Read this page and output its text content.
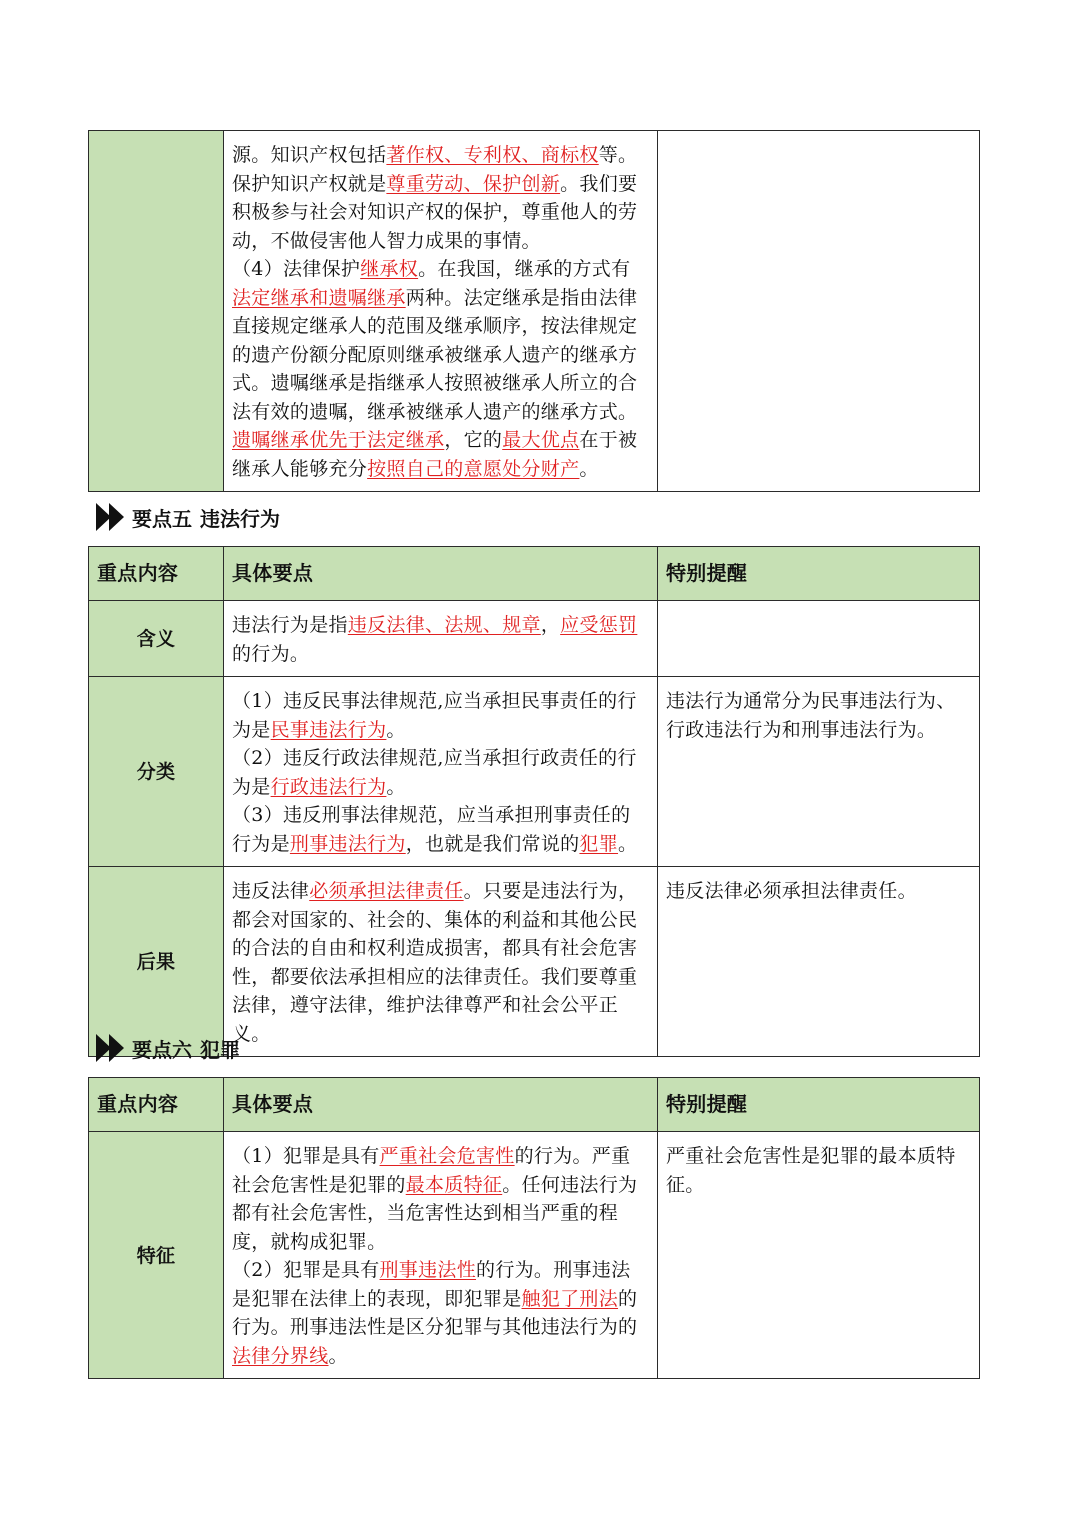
	源。知识产权包括著作权、专利权、商标权等。保护知识产权就是尊重劳动、保护创新。我们要积极参与社会对知识产权的保护，尊重他人的劳动，不做侵害他人智力成果的事情。
（4）法律保护继承权。在我国，继承的方式有法定继承和遗嘱继承两种。法定继承是指由法律直接规定继承人的范围及继承顺序，按法律规定的遗产份额分配原则继承被继承人遗产的继承方式。遗嘱继承是指继承人按照被继承人所立的合法有效的遗嘱，继承被继承人遗产的继承方式。
遗嘱继承优先于法定继承，它的最大优点在于被继承人能够充分按照自己的意愿处分财产。	
要点五 违法行为
重点内容	具体要点	特别提醒
含义	违法行为是指违反法律、法规、规章，应受惩罚的行为。	
分类	（1）违反民事法律规范,应当承担民事责任的行为是民事违法行为。
（2）违反行政法律规范,应当承担行政责任的行为是行政违法行为。
（3）违反刑事法律规范，应当承担刑事责任的行为是刑事违法行为，也就是我们常说的犯罪。	违法行为通常分为民事违法行为、行政违法行为和刑事违法行为。
后果	违反法律必须承担法律责任。只要是违法行为，都会对国家的、社会的、集体的利益和其他公民的合法的自由和权利造成损害，都具有社会危害性，都要依法承担相应的法律责任。我们要尊重法律，遵守法律，维护法律尊严和社会公平正义。	违反法律必须承担法律责任。
要点六 犯罪
重点内容	具体要点	特别提醒
特征	（1）犯罪是具有严重社会危害性的行为。严重社会危害性是犯罪的最本质特征。任何违法行为都有社会危害性，当危害性达到相当严重的程度，就构成犯罪。
（2）犯罪是具有刑事违法性的行为。刑事违法是犯罪在法律上的表现，即犯罪是触犯了刑法的行为。刑事违法性是区分犯罪与其他违法行为的法律分界线。	严重社会危害性是犯罪的最本质特征。
